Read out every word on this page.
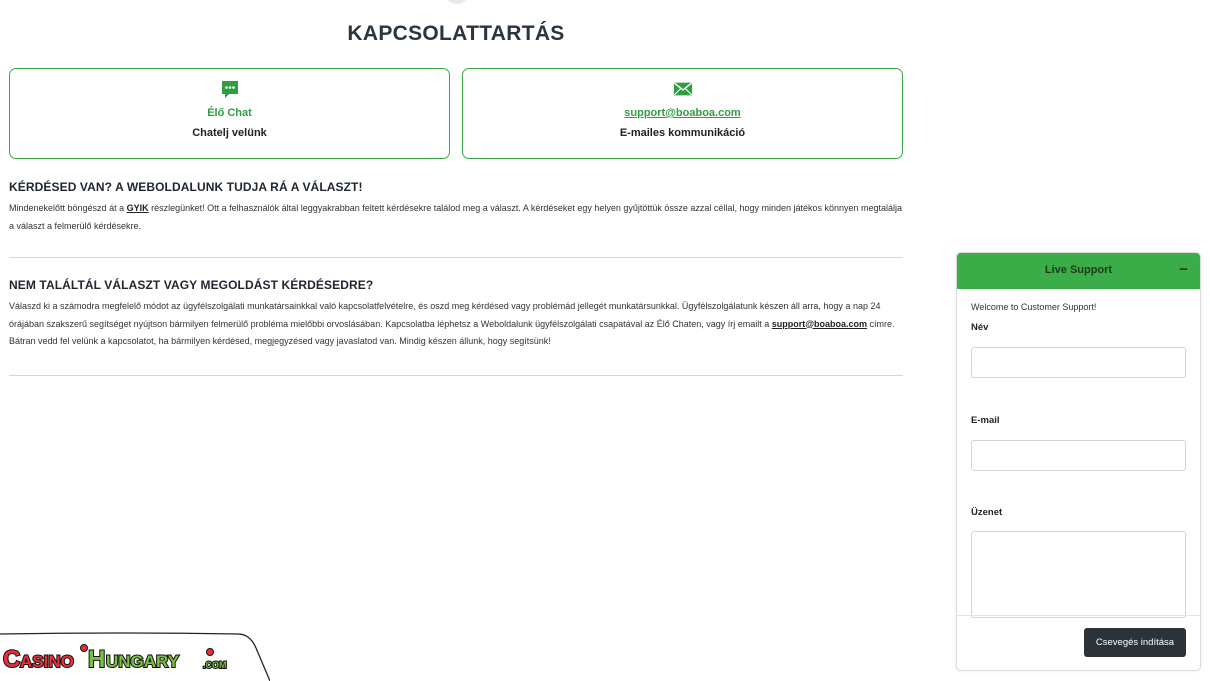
KAPCSOLATTARTÁS
Élő Chat
Chatelj velünk
support@boaboa.com
E-mailes kommunikáció
KÉRDÉSED VAN? A WEBOLDALUNK TUDJA RÁ A VÁLASZT!

Mindenekelőtt böngészd át a GYIK részlegünket! Ott a felhasználók által leggyakrabban feltett kérdésekre találod meg a választ. A kérdéseket egy helyen gyűjtöttük össze azzal céllal, hogy minden játékos könnyen megtalálja a választ a felmerülő kérdésekre.

NEM TALÁLTÁL VÁLASZT VAGY MEGOLDÁST KÉRDÉSEDRE?

Válaszd ki a számodra megfelelő módot az ügyfélszolgálati munkatársainkkal való kapcsolatfelvételre, és oszd meg kérdésed vagy problémád jellegét munkatársunkkal. Ügyfélszolgálatunk készen áll arra, hogy a nap 24 órájában szakszerű segítséget nyújtson bármilyen felmerülő probléma mielőbbi orvoslásában. Kapcsolatba léphetsz a Weboldalunk ügyfélszolgálati csapatával az Élő Chaten, vagy írj emailt a support@boaboa.com címre. Bátran vedd fel velünk a kapcsolatot, ha bármilyen kérdésed, megjegyzésed vagy javaslatod van. Mindig készen állunk, hogy segítsünk!

Live Support	−
Welcome to Customer Support!
Név
E-mail
Üzenet
Csevegés indítása
C ASINO H UNGARY	.COM
